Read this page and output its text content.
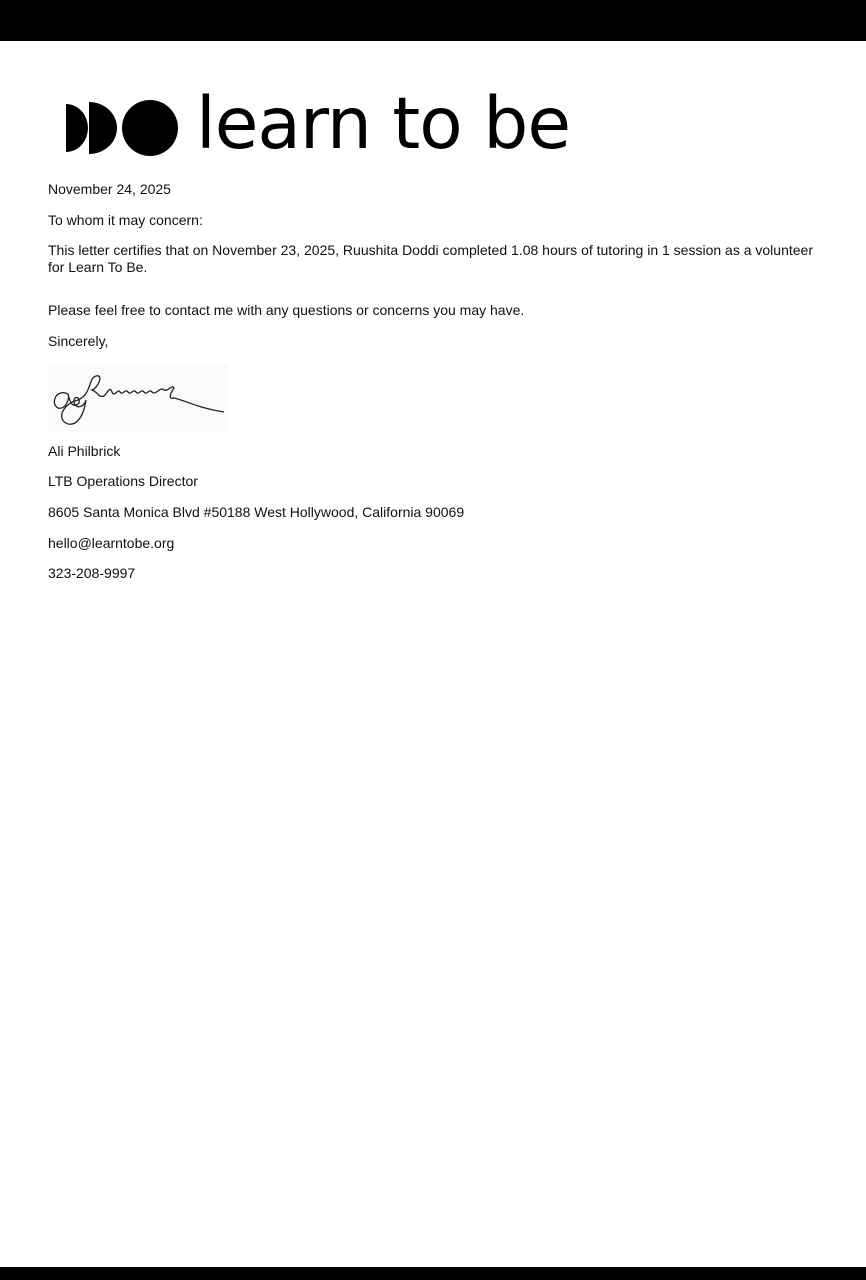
learn to be
November 24, 2025
To whom it may concern:
This letter certifies that on November 23, 2025, Ruushita Doddi completed 1.08 hours of tutoring in 1 session as a volunteer for Learn To Be.
Please feel free to contact me with any questions or concerns you may have.
Sincerely,
Ali Philbrick
LTB Operations Director
8605 Santa Monica Blvd #50188 West Hollywood, California 90069
hello@learntobe.org
323-208-9997
